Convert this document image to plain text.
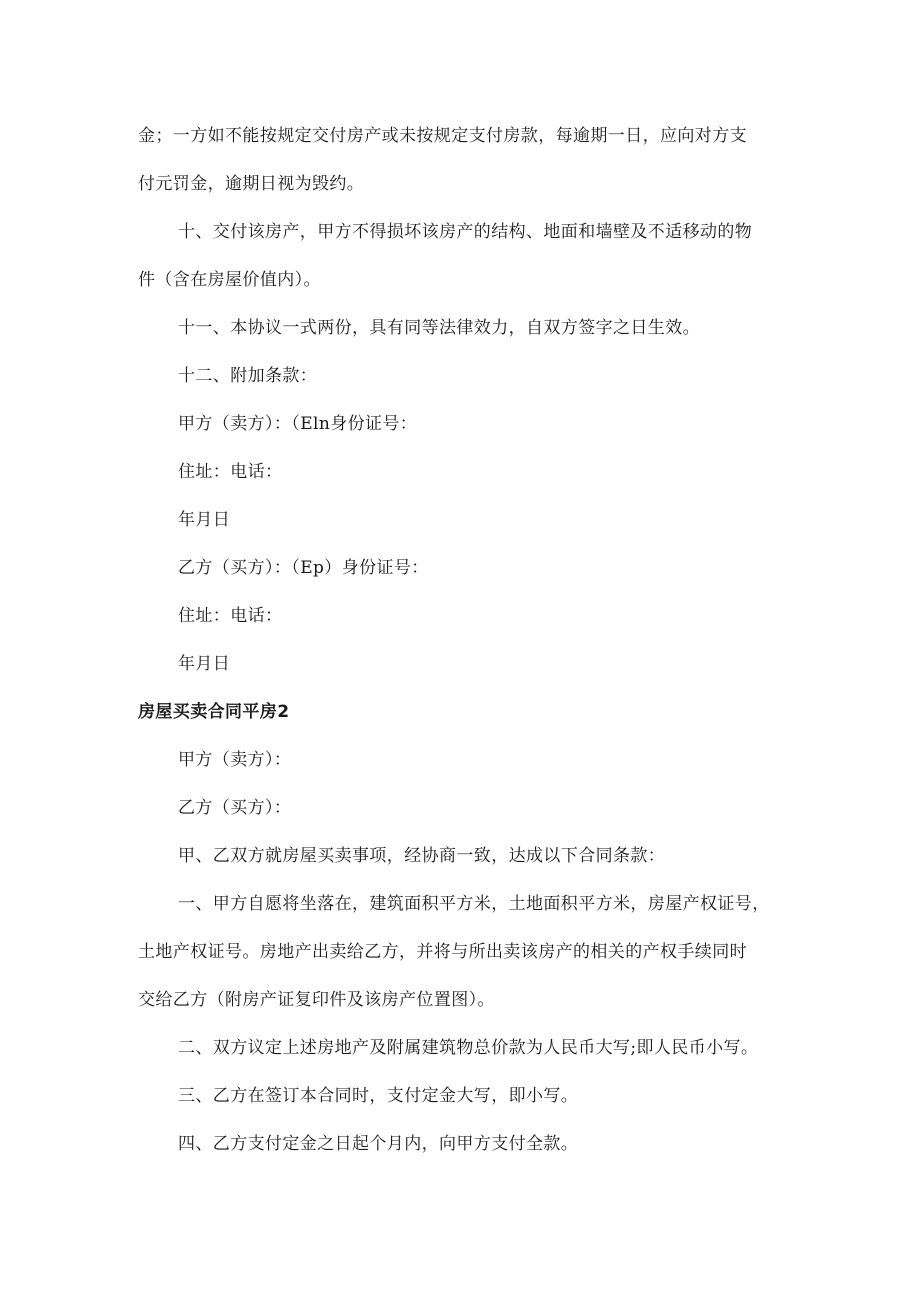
金；一方如不能按规定交付房产或未按规定支付房款，每逾期一日，应向对方支
付元罚金，逾期日视为毁约。
十、交付该房产，甲方不得损坏该房产的结构、地面和墙壁及不适移动的物
件（含在房屋价值内）。
十一、本协议一式两份，具有同等法律效力，自双方签字之日生效。
十二、附加条款：
甲方（卖方）：（Eln身份证号：
住址：电话：
年月日
乙方（买方）：（Ep）身份证号：
住址：电话：
年月日
房屋买卖合同平房2
甲方（卖方）：
乙方（买方）：
甲、乙双方就房屋买卖事项，经协商一致，达成以下合同条款：
一、甲方自愿将坐落在，建筑面积平方米，土地面积平方米，房屋产权证号，
土地产权证号。房地产出卖给乙方，并将与所出卖该房产的相关的产权手续同时
交给乙方（附房产证复印件及该房产位置图）。
二、双方议定上述房地产及附属建筑物总价款为人民币大写;即人民币小写。
三、乙方在签订本合同时，支付定金大写，即小写。
四、乙方支付定金之日起个月内，向甲方支付全款。
